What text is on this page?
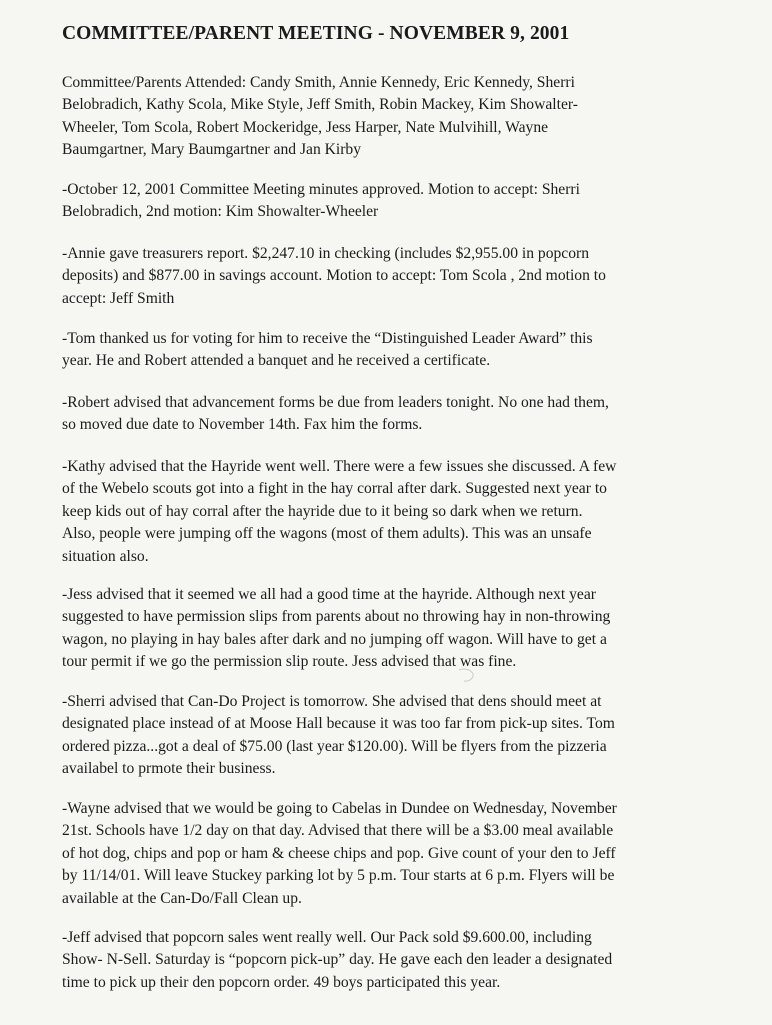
COMMITTEE/PARENT MEETING - NOVEMBER 9, 2001
Committee/Parents Attended: Candy Smith, Annie Kennedy, Eric Kennedy, Sherri
Belobradich, Kathy Scola, Mike Style, Jeff Smith, Robin Mackey, Kim Showalter-
Wheeler, Tom Scola, Robert Mockeridge, Jess Harper, Nate Mulvihill, Wayne
Baumgartner, Mary Baumgartner and Jan Kirby
-October 12, 2001 Committee Meeting minutes approved. Motion to accept: Sherri
Belobradich, 2nd motion: Kim Showalter-Wheeler
-Annie gave treasurers report. $2,247.10 in checking (includes $2,955.00 in popcorn
deposits) and $877.00 in savings account. Motion to accept: Tom Scola , 2nd motion to
accept: Jeff Smith
-Tom thanked us for voting for him to receive the “Distinguished Leader Award” this
year. He and Robert attended a banquet and he received a certificate.
-Robert advised that advancement forms be due from leaders tonight. No one had them,
so moved due date to November 14th. Fax him the forms.
-Kathy advised that the Hayride went well. There were a few issues she discussed. A few
of the Webelo scouts got into a fight in the hay corral after dark. Suggested next year to
keep kids out of hay corral after the hayride due to it being so dark when we return.
Also, people were jumping off the wagons (most of them adults). This was an unsafe
situation also.
-Jess advised that it seemed we all had a good time at the hayride. Although next year
suggested to have permission slips from parents about no throwing hay in non-throwing
wagon, no playing in hay bales after dark and no jumping off wagon. Will have to get a
tour permit if we go the permission slip route. Jess advised that was fine.
-Sherri advised that Can-Do Project is tomorrow. She advised that dens should meet at
designated place instead of at Moose Hall because it was too far from pick-up sites. Tom
ordered pizza...got a deal of $75.00 (last year $120.00). Will be flyers from the pizzeria
availabel to prmote their business.
-Wayne advised that we would be going to Cabelas in Dundee on Wednesday, November
21st. Schools have 1/2 day on that day. Advised that there will be a $3.00 meal available
of hot dog, chips and pop or ham & cheese chips and pop. Give count of your den to Jeff
by 11/14/01. Will leave Stuckey parking lot by 5 p.m. Tour starts at 6 p.m. Flyers will be
available at the Can-Do/Fall Clean up.
-Jeff advised that popcorn sales went really well. Our Pack sold $9.600.00, including
Show- N-Sell. Saturday is “popcorn pick-up” day. He gave each den leader a designated
time to pick up their den popcorn order. 49 boys participated this year.
